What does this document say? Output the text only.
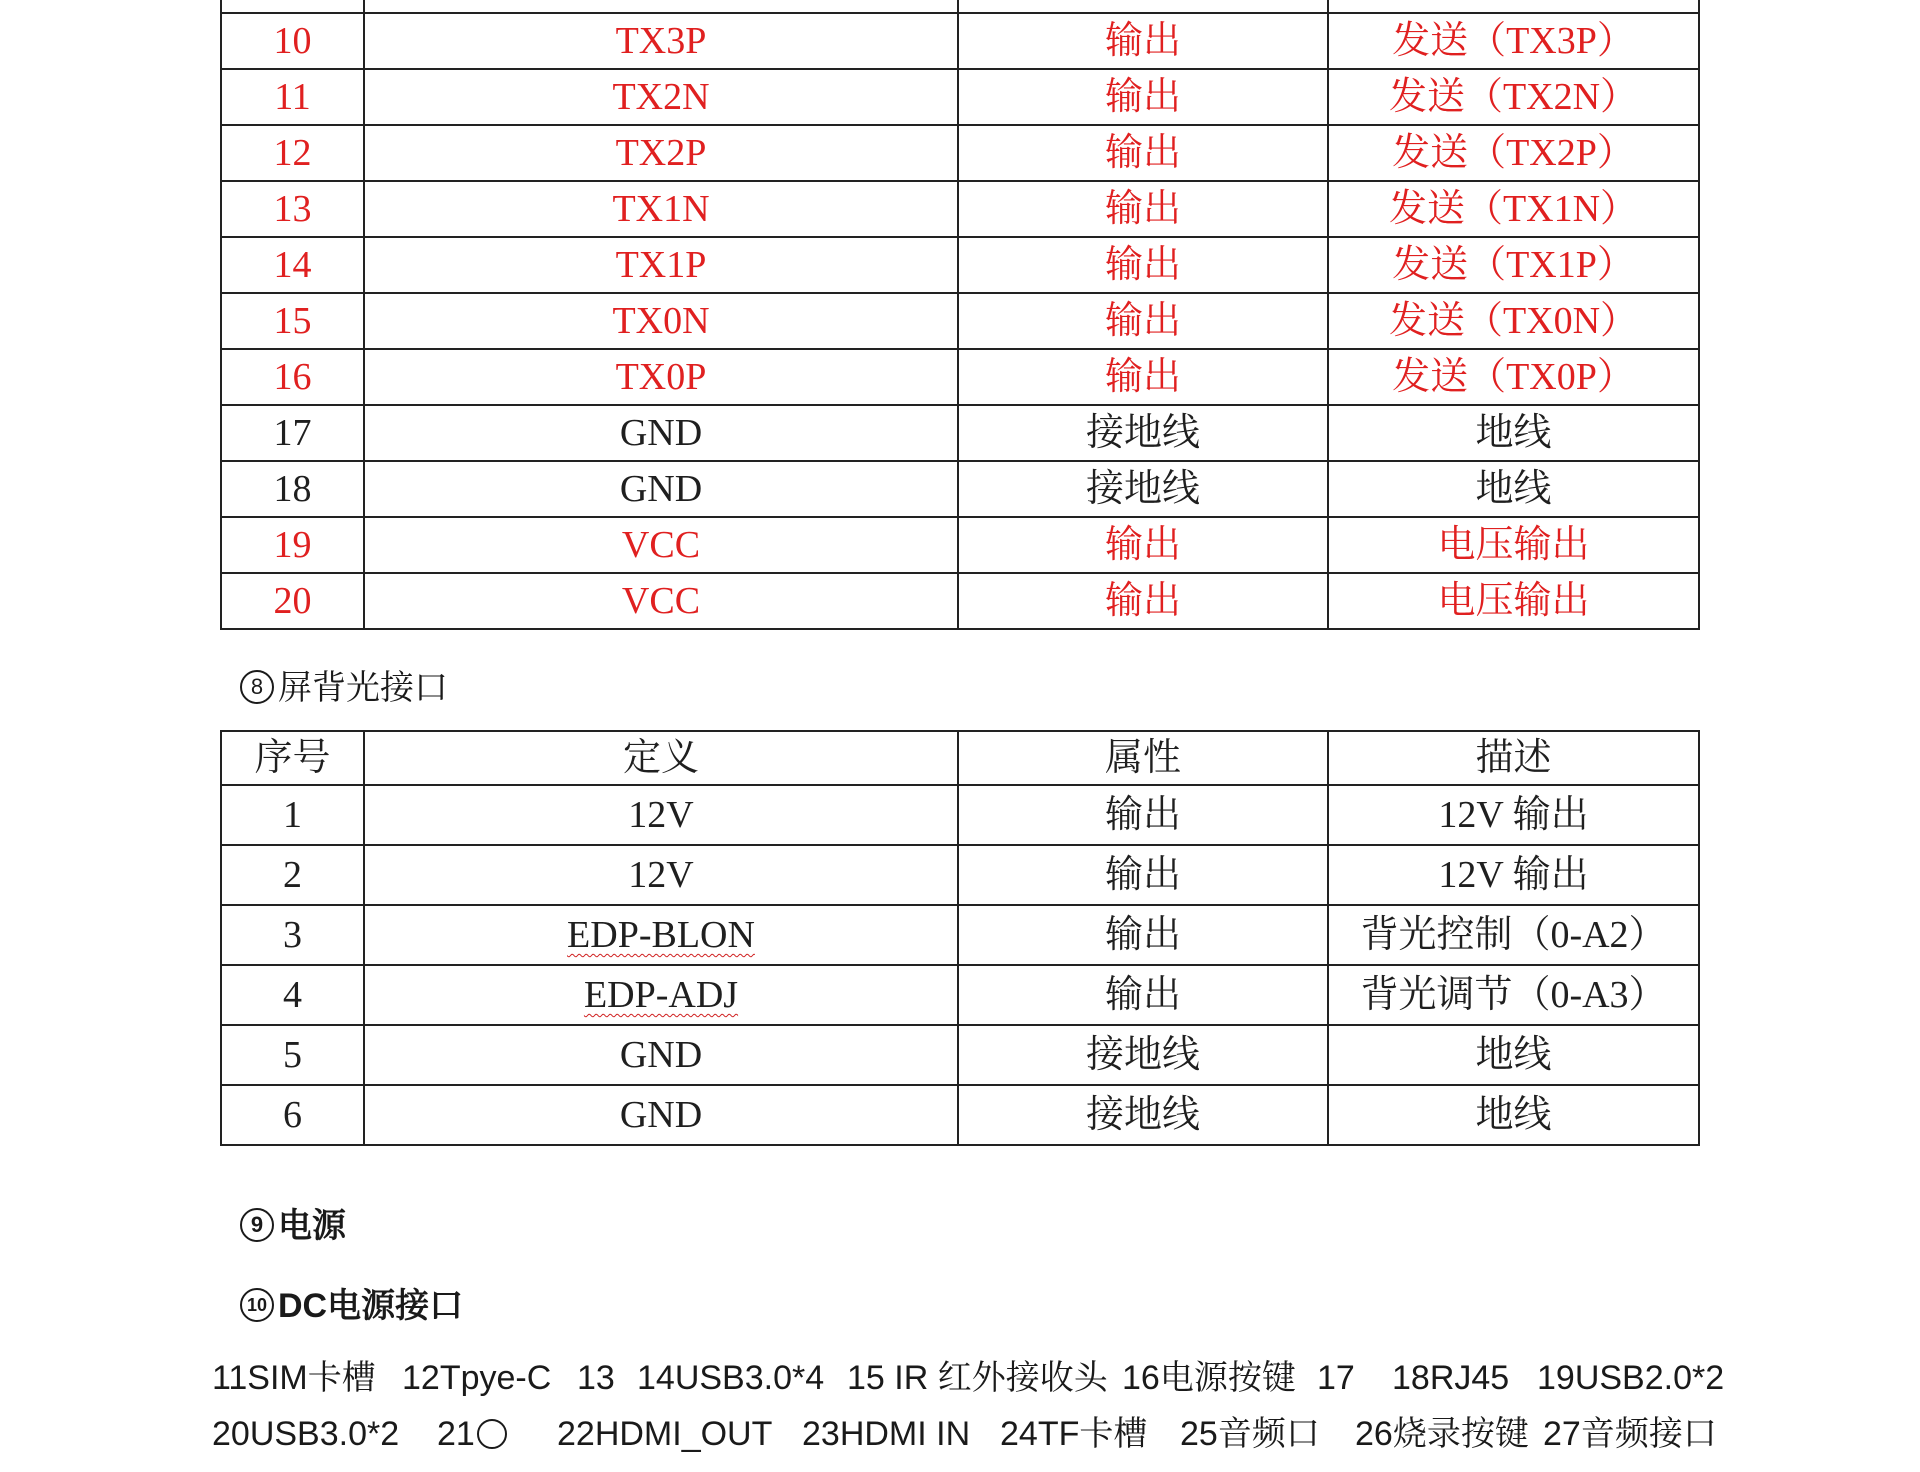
10	TX3P	输出	发送（TX3P）
11	TX2N	输出	发送（TX2N）
12	TX2P	输出	发送（TX2P）
13	TX1N	输出	发送（TX1N）
14	TX1P	输出	发送（TX1P）
15	TX0N	输出	发送（TX0N）
16	TX0P	输出	发送（TX0P）
17	GND	接地线	地线
18	GND	接地线	地线
19	VCC	输出	电压输出
20	VCC	输出	电压输出
8 屏背光接口
序号	定义	属性	描述
1	12V	输出	12V 输出
2	12V	输出	12V 输出
3	EDP-BLON	输出	背光控制（0-A2）
4	EDP-ADJ	输出	背光调节（0-A3）
5	GND	接地线	地线
6	GND	接地线	地线
9 电源
10 DC电源接口
11SIM卡槽 12Tpye-C 13 14USB3.0*4 15 IR 红外接收头 16电源按键 17 18RJ45 19USB2.0*2
20USB3.0*2 21 22HDMI_OUT 23HDMI IN 24TF卡槽 25音频口 26烧录按键 27音频接口
